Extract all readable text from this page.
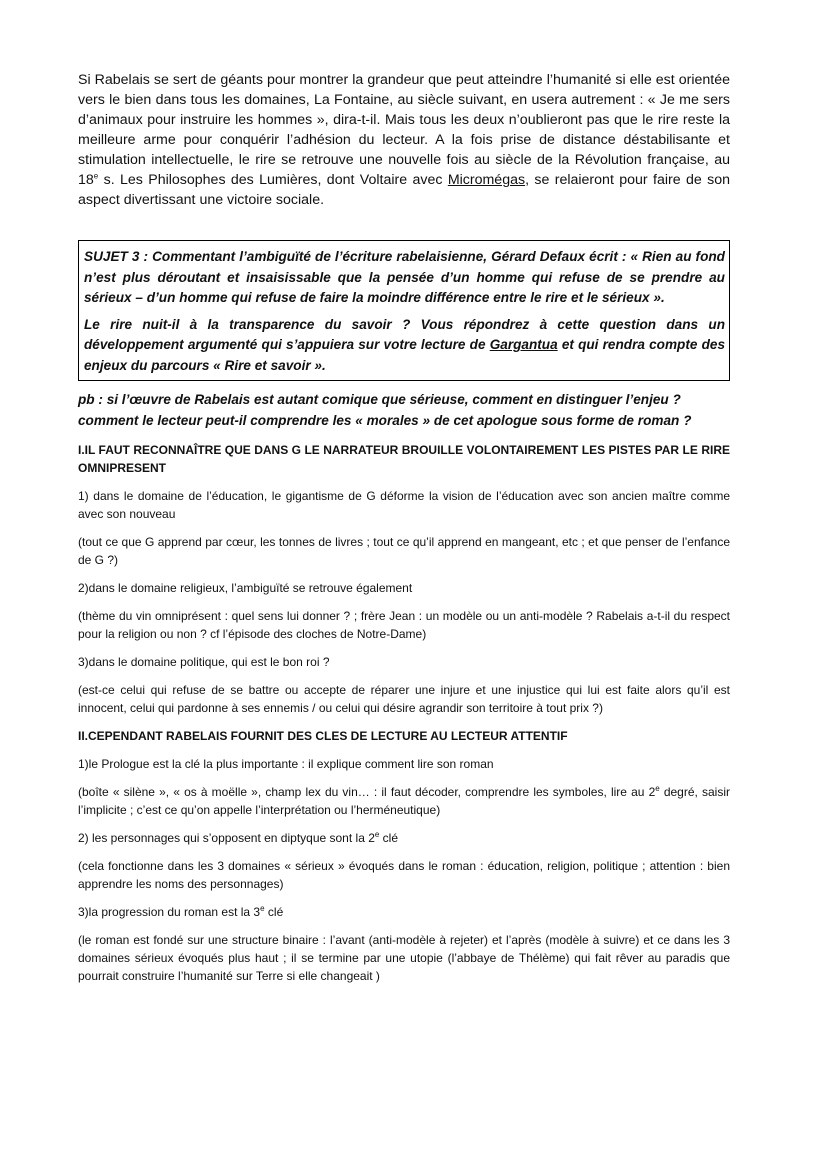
Si Rabelais se sert de géants pour montrer la grandeur que peut atteindre l’humanité si elle est orientée vers le bien dans tous les domaines, La Fontaine, au siècle suivant, en usera autrement : « Je me sers d’animaux pour instruire les hommes », dira-t-il. Mais tous les deux n’oublieront pas que le rire reste la meilleure arme pour conquérir l’adhésion du lecteur. A la fois prise de distance déstabilisante et stimulation intellectuelle, le rire se retrouve une nouvelle fois au siècle de la Révolution française, au 18e s. Les Philosophes des Lumières, dont Voltaire avec Micromégas, se relaieront pour faire de son aspect divertissant une victoire sociale.

SUJET 3 : Commentant l’ambiguïté de l’écriture rabelaisienne, Gérard Defaux écrit : « Rien au fond n’est plus déroutant et insaisissable que la pensée d’un homme qui refuse de se prendre au sérieux – d’un homme qui refuse de faire la moindre différence entre le rire et le sérieux ».

Le rire nuit-il à la transparence du savoir ? Vous répondrez à cette question dans un développement argumenté qui s’appuiera sur votre lecture de Gargantua et qui rendra compte des enjeux du parcours « Rire et savoir ».

pb : si l’œuvre de Rabelais est autant comique que sérieuse, comment en distinguer l’enjeu ? comment le lecteur peut-il comprendre les « morales » de cet apologue sous forme de roman ?

I.IL FAUT RECONNAÎTRE QUE DANS G LE NARRATEUR BROUILLE VOLONTAIREMENT LES PISTES PAR LE RIRE OMNIPRESENT

1) dans le domaine de l’éducation, le gigantisme de G déforme la vision de l’éducation avec son ancien maître comme avec son nouveau

(tout ce que G apprend par cœur, les tonnes de livres ; tout ce qu’il apprend en mangeant, etc ; et que penser de l’enfance de G ?)

2)dans le domaine religieux, l’ambiguïté se retrouve également

(thème du vin omniprésent : quel sens lui donner ? ; frère Jean : un modèle ou un anti-modèle ? Rabelais a-t-il du respect pour la religion ou non ? cf l’épisode des cloches de Notre-Dame)

3)dans le domaine politique, qui est le bon roi ?

(est-ce celui qui refuse de se battre ou accepte de réparer une injure et une injustice qui lui est faite alors qu’il est innocent, celui qui pardonne à ses ennemis / ou celui qui désire agrandir son territoire à tout prix ?)

II.CEPENDANT RABELAIS FOURNIT DES CLES DE LECTURE AU LECTEUR ATTENTIF

1)le Prologue est la clé la plus importante : il explique comment lire son roman

(boîte « silène », « os à moëlle », champ lex du vin… : il faut décoder, comprendre les symboles, lire au 2e degré, saisir l’implicite ; c’est ce qu’on appelle l’interprétation ou l’herméneutique)

2) les personnages qui s’opposent en diptyque sont la 2e clé

(cela fonctionne dans les 3 domaines « sérieux » évoqués dans le roman : éducation, religion, politique ; attention : bien apprendre les noms des personnages)

3)la progression du roman est la 3e clé

(le roman est fondé sur une structure binaire : l’avant (anti-modèle à rejeter) et l’après (modèle à suivre) et ce dans les 3 domaines sérieux évoqués plus haut ; il se termine par une utopie (l’abbaye de Thélème) qui fait rêver au paradis que pourrait construire l’humanité sur Terre si elle changeait )
